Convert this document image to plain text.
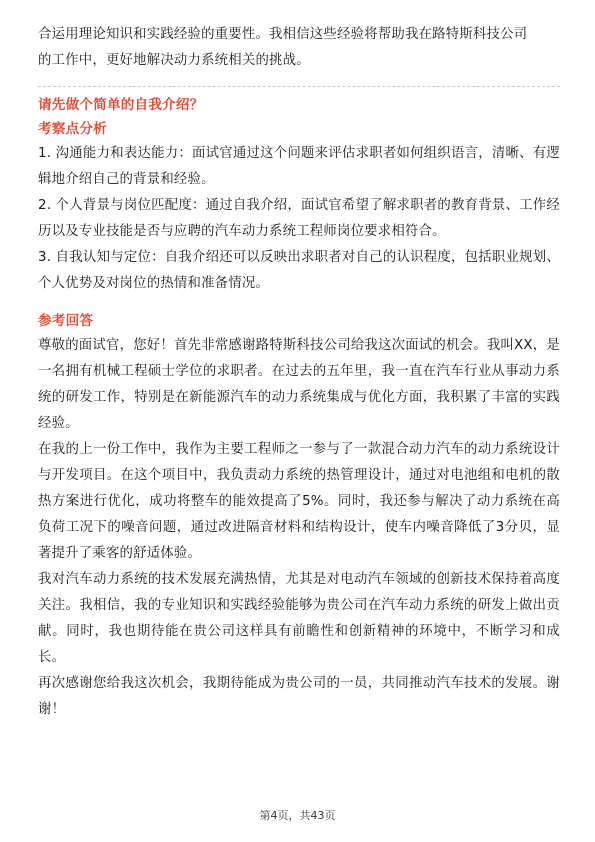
合运用理论知识和实践经验的重要性。我相信这些经验将帮助我在路特斯科技公司
的工作中，更好地解决动力系统相关的挑战。

请先做个简单的自我介绍？

考察点分析

1. 沟通能力和表达能力：面试官通过这个问题来评估求职者如何组织语言，清晰、有逻辑地介绍自己的背景和经验。

2. 个人背景与岗位匹配度：通过自我介绍，面试官希望了解求职者的教育背景、工作经历以及专业技能是否与应聘的汽车动力系统工程师岗位要求相符合。

3. 自我认知与定位：自我介绍还可以反映出求职者对自己的认识程度，包括职业规划、个人优势及对岗位的热情和准备情况。

参考回答

尊敬的面试官，您好！首先非常感谢路特斯科技公司给我这次面试的机会。我叫XX，是一名拥有机械工程硕士学位的求职者。在过去的五年里，我一直在汽车行业从事动力系统的研发工作，特别是在新能源汽车的动力系统集成与优化方面，我积累了丰富的实践经验。

在我的上一份工作中，我作为主要工程师之一参与了一款混合动力汽车的动力系统设计与开发项目。在这个项目中，我负责动力系统的热管理设计，通过对电池组和电机的散热方案进行优化，成功将整车的能效提高了5%。同时，我还参与解决了动力系统在高负荷工况下的噪音问题，通过改进隔音材料和结构设计，使车内噪音降低了3分贝，显著提升了乘客的舒适体验。

我对汽车动力系统的技术发展充满热情，尤其是对电动汽车领域的创新技术保持着高度关注。我相信，我的专业知识和实践经验能够为贵公司在汽车动力系统的研发上做出贡献。同时，我也期待能在贵公司这样具有前瞻性和创新精神的环境中，不断学习和成长。

再次感谢您给我这次机会，我期待能成为贵公司的一员，共同推动汽车技术的发展。谢谢！

第4页，共43页
